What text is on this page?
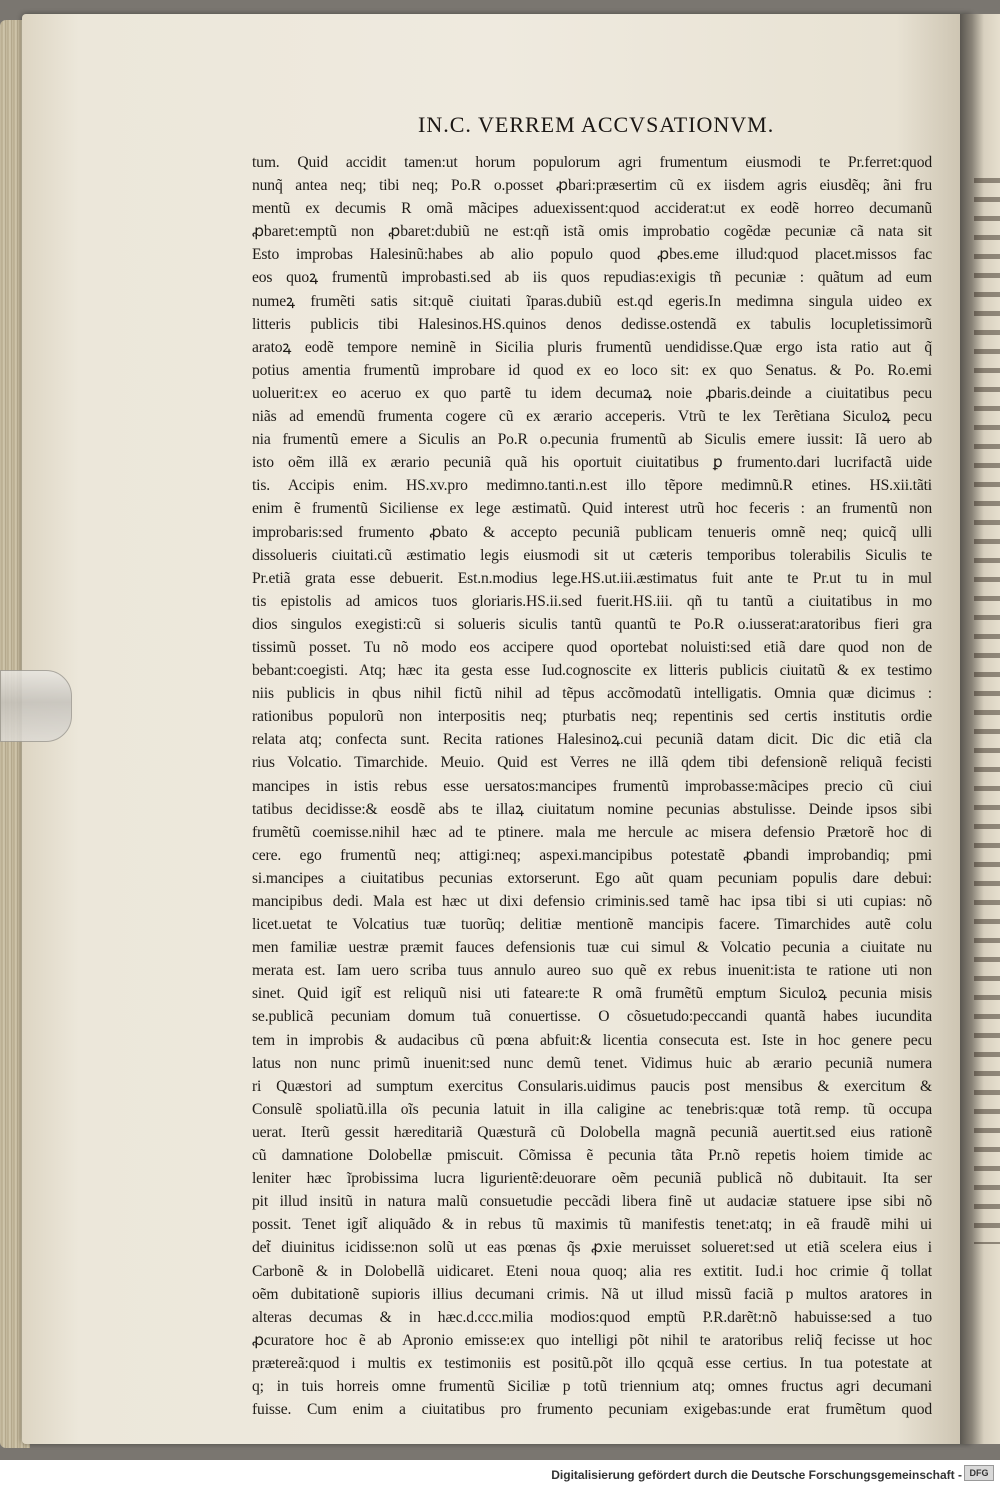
IN.C. VERREM ACCVSATIONVM.
tum. Quid accidit tamen:ut horum populorum agri frumentum eiusmodi te Pr.ferret:quod
nunq̃ antea neq; tibi neq; Po.R o.posset ꝓbari:præsertim cũ ex iisdem agris eiusdẽq; ãni fru
mentũ ex decumis R omã mãcipes aduexissent:quod acciderat:ut ex eodẽ horreo decumanũ
ꝓbaret:emptũ non ꝓbaret:dubiũ ne est:qñ istã omis improbatio cogẽdæ pecuniæ cã nata sit
Esto improbas Halesinũ:habes ab alio populo quod ꝓbes.eme illud:quod placet.missos fac
eos quoꝝ frumentũ improbasti.sed ab iis quos repudias:exigis tñ pecuniæ : quãtum ad eum
numeꝝ frumẽti satis sit:quẽ ciuitati ĩparas.dubiũ est.qd egeris.In medimna singula uideo ex
litteris publicis tibi Halesinos.HS.quinos denos dedisse.ostendã ex tabulis locupletissimorũ
aratoꝝ eodẽ tempore neminẽ in Sicilia pluris frumentũ uendidisse.Quæ ergo ista ratio aut q̃
potius amentia frumentũ improbare id quod ex eo loco sit: ex quo Senatus. & Po. Ro.emi
uoluerit:ex eo aceruo ex quo partẽ tu idem decumaꝝ noie ꝓbaris.deinde a ciuitatibus pecu
niãs ad emendũ frumenta cogere cũ ex ærario acceperis. Vtrũ te lex Terẽtiana Siculoꝝ pecu
nia frumentũ emere a Siculis an Po.R o.pecunia frumentũ ab Siculis emere iussit: Iã uero ab
isto oẽm illã ex ærario pecuniã quã his oportuit ciuitatibus ꝑ frumento.dari lucrifactã uide
tis. Accipis enim. HS.xv.pro medimno.tanti.n.est illo tẽpore medimnũ.R etines. HS.xii.tãti
enim ẽ frumentũ Siciliense ex lege æstimatũ. Quid interest utrũ hoc feceris : an frumentũ non
improbaris:sed frumento ꝓbato & accepto pecuniã publicam tenueris omnẽ neq; quicq̃ ulli
dissolueris ciuitati.cũ æstimatio legis eiusmodi sit ut cæteris temporibus tolerabilis Siculis te
Pr.etiã grata esse debuerit. Est.n.modius lege.HS.ut.iii.æstimatus fuit ante te Pr.ut tu in mul
tis epistolis ad amicos tuos gloriaris.HS.ii.sed fuerit.HS.iii. qñ tu tantũ a ciuitatibus in mo
dios singulos exegisti:cũ si solueris siculis tantũ quantũ te Po.R o.iusserat:aratoribus fieri gra
tissimũ posset. Tu nõ modo eos accipere quod oportebat noluisti:sed etiã dare quod non de
bebant:coegisti. Atq; hæc ita gesta esse Iud.cognoscite ex litteris publicis ciuitatũ & ex testimo
niis publicis in qbus nihil fictũ nihil ad tẽpus accõmodatũ intelligatis. Omnia quæ dicimus :
rationibus populorũ non interpositis neq; pturbatis neq; repentinis sed certis institutis ordie
relata atq; confecta sunt. Recita rationes Halesinoꝝ.cui pecuniã datam dicit. Dic dic etiã cla
rius Volcatio. Timarchide. Meuio. Quid est Verres ne illã qdem tibi defensionẽ reliquã fecisti
mancipes in istis rebus esse uersatos:mancipes frumentũ improbasse:mãcipes precio cũ ciui
tatibus decidisse:& eosdẽ abs te illaꝝ ciuitatum nomine pecunias abstulisse. Deinde ipsos sibi
frumẽtũ coemisse.nihil hæc ad te ptinere. mala me hercule ac misera defensio Prætorẽ hoc di
cere. ego frumentũ neq; attigi:neq; aspexi.mancipibus potestatẽ ꝓbandi improbandiq; pmi
si.mancipes a ciuitatibus pecunias extorserunt. Ego aũt quam pecuniam populis dare debui:
mancipibus dedi. Mala est hæc ut dixi defensio criminis.sed tamẽ hac ipsa tibi si uti cupias: nõ
licet.uetat te Volcatius tuæ tuorũq; delitiæ mentionẽ mancipis facere. Timarchides autẽ colu
men familiæ uestræ præmit fauces defensionis tuæ cui simul & Volcatio pecunia a ciuitate nu
merata est. Iam uero scriba tuus annulo aureo suo quẽ ex rebus inuenit:ista te ratione uti non
sinet. Quid igit̃ est reliquũ nisi uti fateare:te R omã frumẽtũ emptum Siculoꝝ pecunia misis
se.publicã pecuniam domum tuã conuertisse. O cõsuetudo:peccandi quantã habes iucundita
tem in improbis & audacibus cũ pœna abfuit:& licentia consecuta est. Iste in hoc genere pecu
latus non nunc primũ inuenit:sed nunc demũ tenet. Vidimus huic ab ærario pecuniã numera
ri Quæstori ad sumptum exercitus Consularis.uidimus paucis post mensibus & exercitum &
Consulẽ spoliatũ.illa oĩs pecunia latuit in illa caligine ac tenebris:quæ totã remp. tũ occupa
uerat. Iterũ gessit hæreditariã Quæsturã cũ Dolobella magnã pecuniã auertit.sed eius rationẽ
cũ damnatione Dolobellæ pmiscuit. Cõmissa ẽ pecunia tãta Pr.nõ repetis hoiem timide ac
leniter hæc ĩprobissima lucra ligurientẽ:deuorare oẽm pecuniã publicã nõ dubitauit. Ita ser
pit illud insitũ in natura malũ consuetudie peccãdi libera finẽ ut audaciæ statuere ipse sibi nõ
possit. Tenet igit̃ aliquãdo & in rebus tũ maximis tũ manifestis tenet:atq; in eã fraudẽ mihi ui
det̃ diuinitus icidisse:non solũ ut eas pœnas q̃s ꝓxie meruisset solueret:sed ut etiã scelera eius i
Carbonẽ & in Dolobellã uidicaret. Eteni noua quoq; alia res extitit. Iud.i hoc crimie q̃ tollat
oẽm dubitationẽ supioris illius decumani crimis. Nã ut illud missũ faciã p multos aratores in
alteras decumas & in hæc.d.ccc.milia modios:quod emptũ P.R.darẽt:nõ habuisse:sed a tuo
ꝓcuratore hoc ẽ ab Apronio emisse:ex quo intelligi põt nihil te aratoribus reliq̃ fecisse ut hoc
prætereã:quod i multis ex testimoniis est positũ.põt illo qcquã esse certius. In tua potestate at
q; in tuis horreis omne frumentũ Siciliæ p totũ triennium atq; omnes fructus agri decumani
fuisse. Cum enim a ciuitatibus pro frumento pecuniam exigebas:unde erat frumẽtum quod
Digitalisierung gefördert durch die Deutsche Forschungsgemeinschaft - DFG
